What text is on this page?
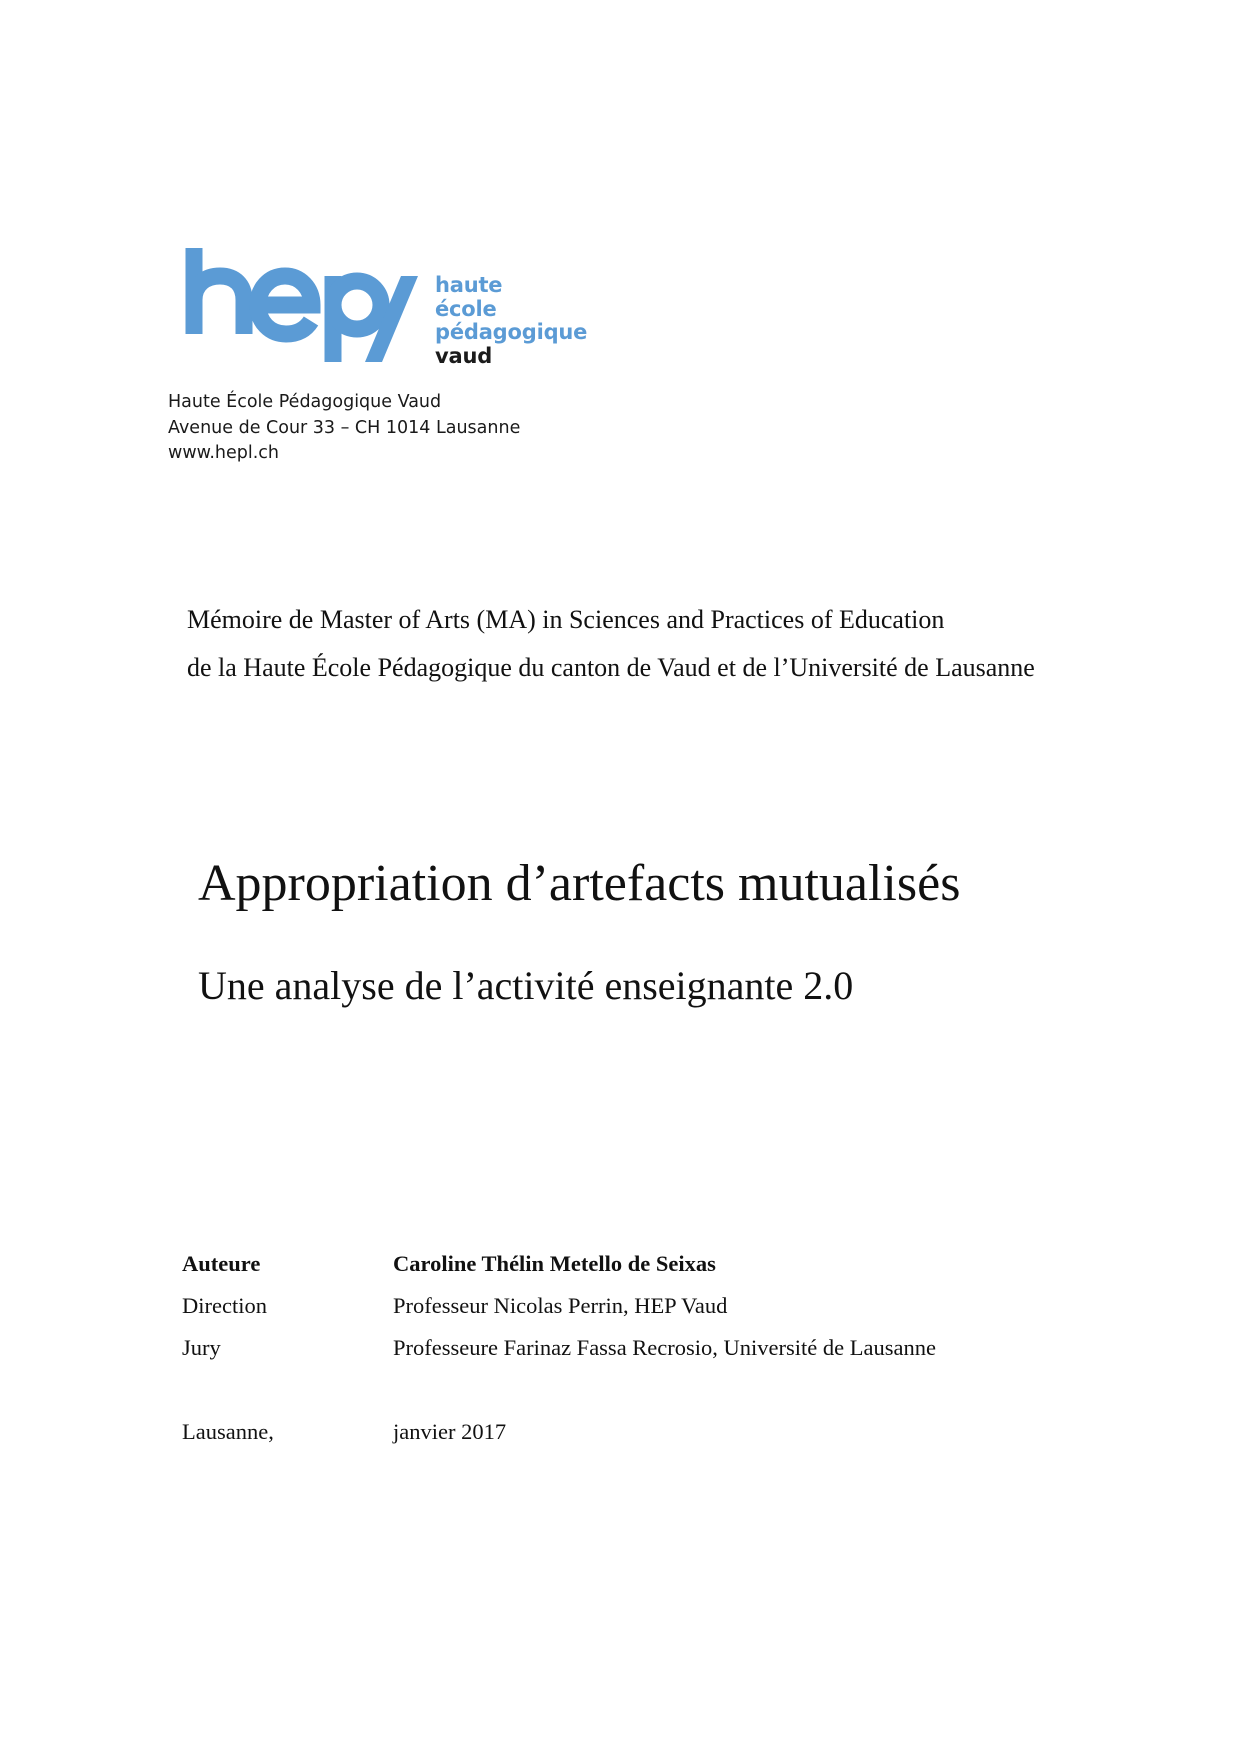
haute
école
pédagogique
vaud
Haute École Pédagogique Vaud
Avenue de Cour 33 – CH 1014 Lausanne
www.hepl.ch
Mémoire de Master of Arts (MA) in Sciences and Practices of Education
de la Haute École Pédagogique du canton de Vaud et de l’Université de Lausanne
Appropriation d’artefacts mutualisés
Une analyse de l’activité enseignante 2.0
Auteure	Caroline Thélin Metello de Seixas
Direction	Professeur Nicolas Perrin, HEP Vaud
Jury	Professeure Farinaz Fassa Recrosio, Université de Lausanne
Lausanne,	janvier 2017
